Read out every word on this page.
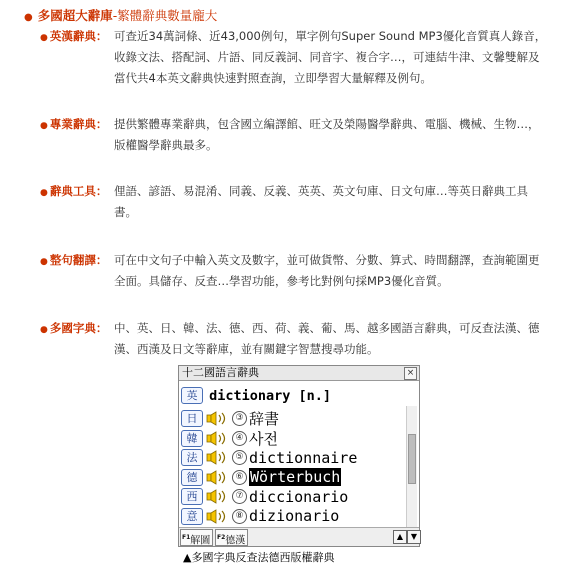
● 多國超大辭庫-繁體辭典數量龐大
● 英漢辭典： 可查近34萬詞條、近43,000例句，單字例句Super Sound MP3優化音質真人錄音，
收錄文法、搭配詞、片語、同反義詞、同音字、複合字…，可連結牛津、文馨雙解及
當代共4本英文辭典快速對照查詢，立即學習大量解釋及例句。
● 專業辭典： 提供繁體專業辭典，包含國立編譯館、旺文及榮陽醫學辭典、電腦、機械、生物…，
版權醫學辭典最多。
● 辭典工具： 俚語、諺語、易混淆、同義、反義、英英、英文句庫、日文句庫…等英日辭典工具
書。
● 整句翻譯： 可在中文句子中輸入英文及數字，並可做貨幣、分數、算式、時間翻譯，查詢範圍更
全面。具儲存、反查…學習功能，參考比對例句採MP3優化音質。
● 多國字典： 中、英、日、韓、法、德、西、荷、義、葡、馬、越多國語言辭典，可反查法漢、德
漢、西漢及日文等辭庫，並有關鍵字智慧搜尋功能。
十二國語言辭典	×
英 dictionary [n.]
日	③ 辞書
韓	④ 사전
法	⑤ dictionnaire
德	⑥ Wörterbuch
西	⑦ diccionario
意	⑧ dizionario
$^{F1}$解圖	$^{F2}$德漢	▲ ▼
▲多國字典反查法德西版權辭典
